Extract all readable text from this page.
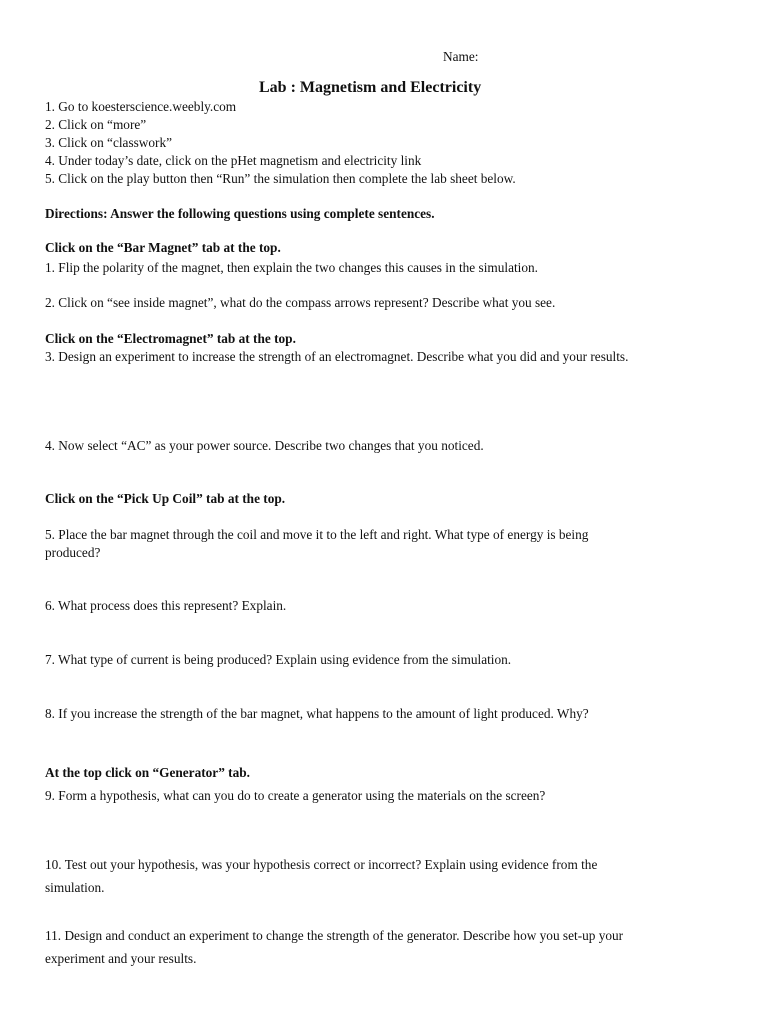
Name:
Lab : Magnetism and Electricity
1. Go to koesterscience.weebly.com
2. Click on “more”
3. Click on “classwork”
4. Under today’s date, click on the pHet magnetism and electricity link
5. Click on the play button then “Run” the simulation then complete the lab sheet below.
Directions: Answer the following questions using complete sentences.
Click on the “Bar Magnet” tab at the top.
1. Flip the polarity of the magnet, then explain the two changes this causes in the simulation.
2. Click on “see inside magnet”, what do the compass arrows represent? Describe what you see.
Click on the “Electromagnet” tab at the top.
3. Design an experiment to increase the strength of an electromagnet. Describe what you did and your results.
4. Now select “AC” as your power source. Describe two changes that you noticed.
Click on the “Pick Up Coil” tab at the top.
5. Place the bar magnet through the coil and move it to the left and right. What type of energy is being
produced?
6. What process does this represent? Explain.
7. What type of current is being produced? Explain using evidence from the simulation.
8. If you increase the strength of the bar magnet, what happens to the amount of light produced. Why?
At the top click on “Generator” tab.
9. Form a hypothesis, what can you do to create a generator using the materials on the screen?
10. Test out your hypothesis, was your hypothesis correct or incorrect? Explain using evidence from the
simulation.
11. Design and conduct an experiment to change the strength of the generator. Describe how you set-up your
experiment and your results.
